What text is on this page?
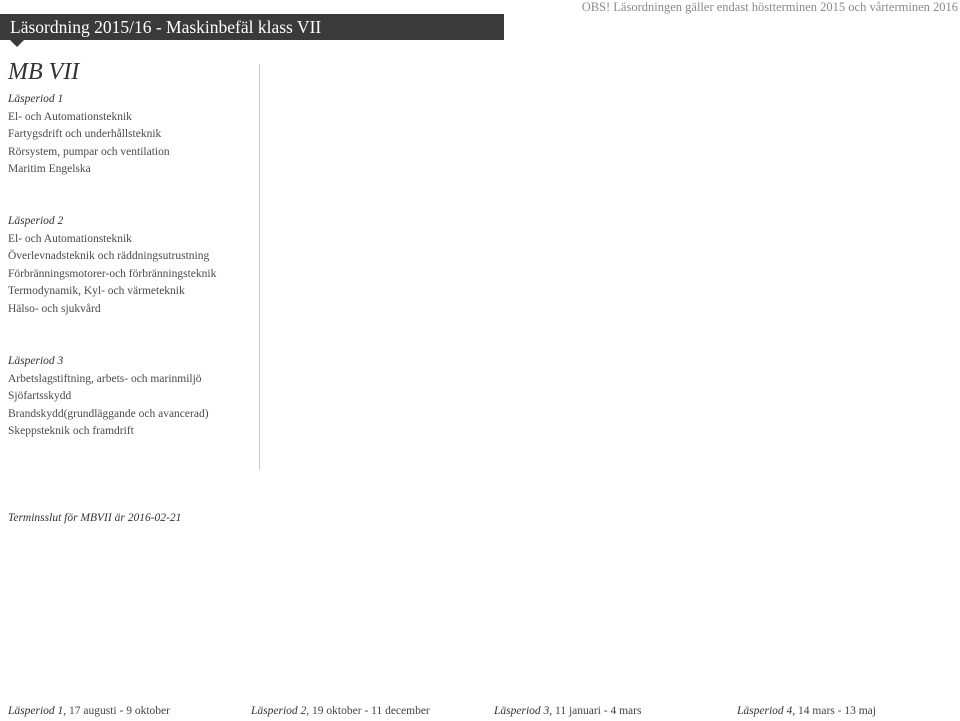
Läsordning 2015/16 - Maskinbefäl klass VII
OBS! Läsordningen gäller endast höstterminen 2015 och vårterminen 2016
MB VII
Läsperiod 1
El- och Automationsteknik
Fartygsdrift och underhållsteknik
Rörsystem, pumpar och ventilation
Maritim Engelska
Läsperiod 2
El- och Automationsteknik
Överlevnadsteknik och räddningsutrustning
Förbränningsmotorer-och förbränningsteknik
Termodynamik, Kyl- och värmeteknik
Hälso- och sjukvård
Läsperiod 3
Arbetslagstiftning, arbets- och marinmiljö
Sjöfartsskydd
Brandskydd(grundläggande och avancerad)
Skeppsteknik och framdrift
Terminsslut för MBVII är 2016-02-21
Läsperiod 1, 17 augusti - 9 oktober	Läsperiod 2, 19 oktober - 11 december	Läsperiod 3, 11 januari - 4 mars	Läsperiod 4, 14 mars - 13 maj
